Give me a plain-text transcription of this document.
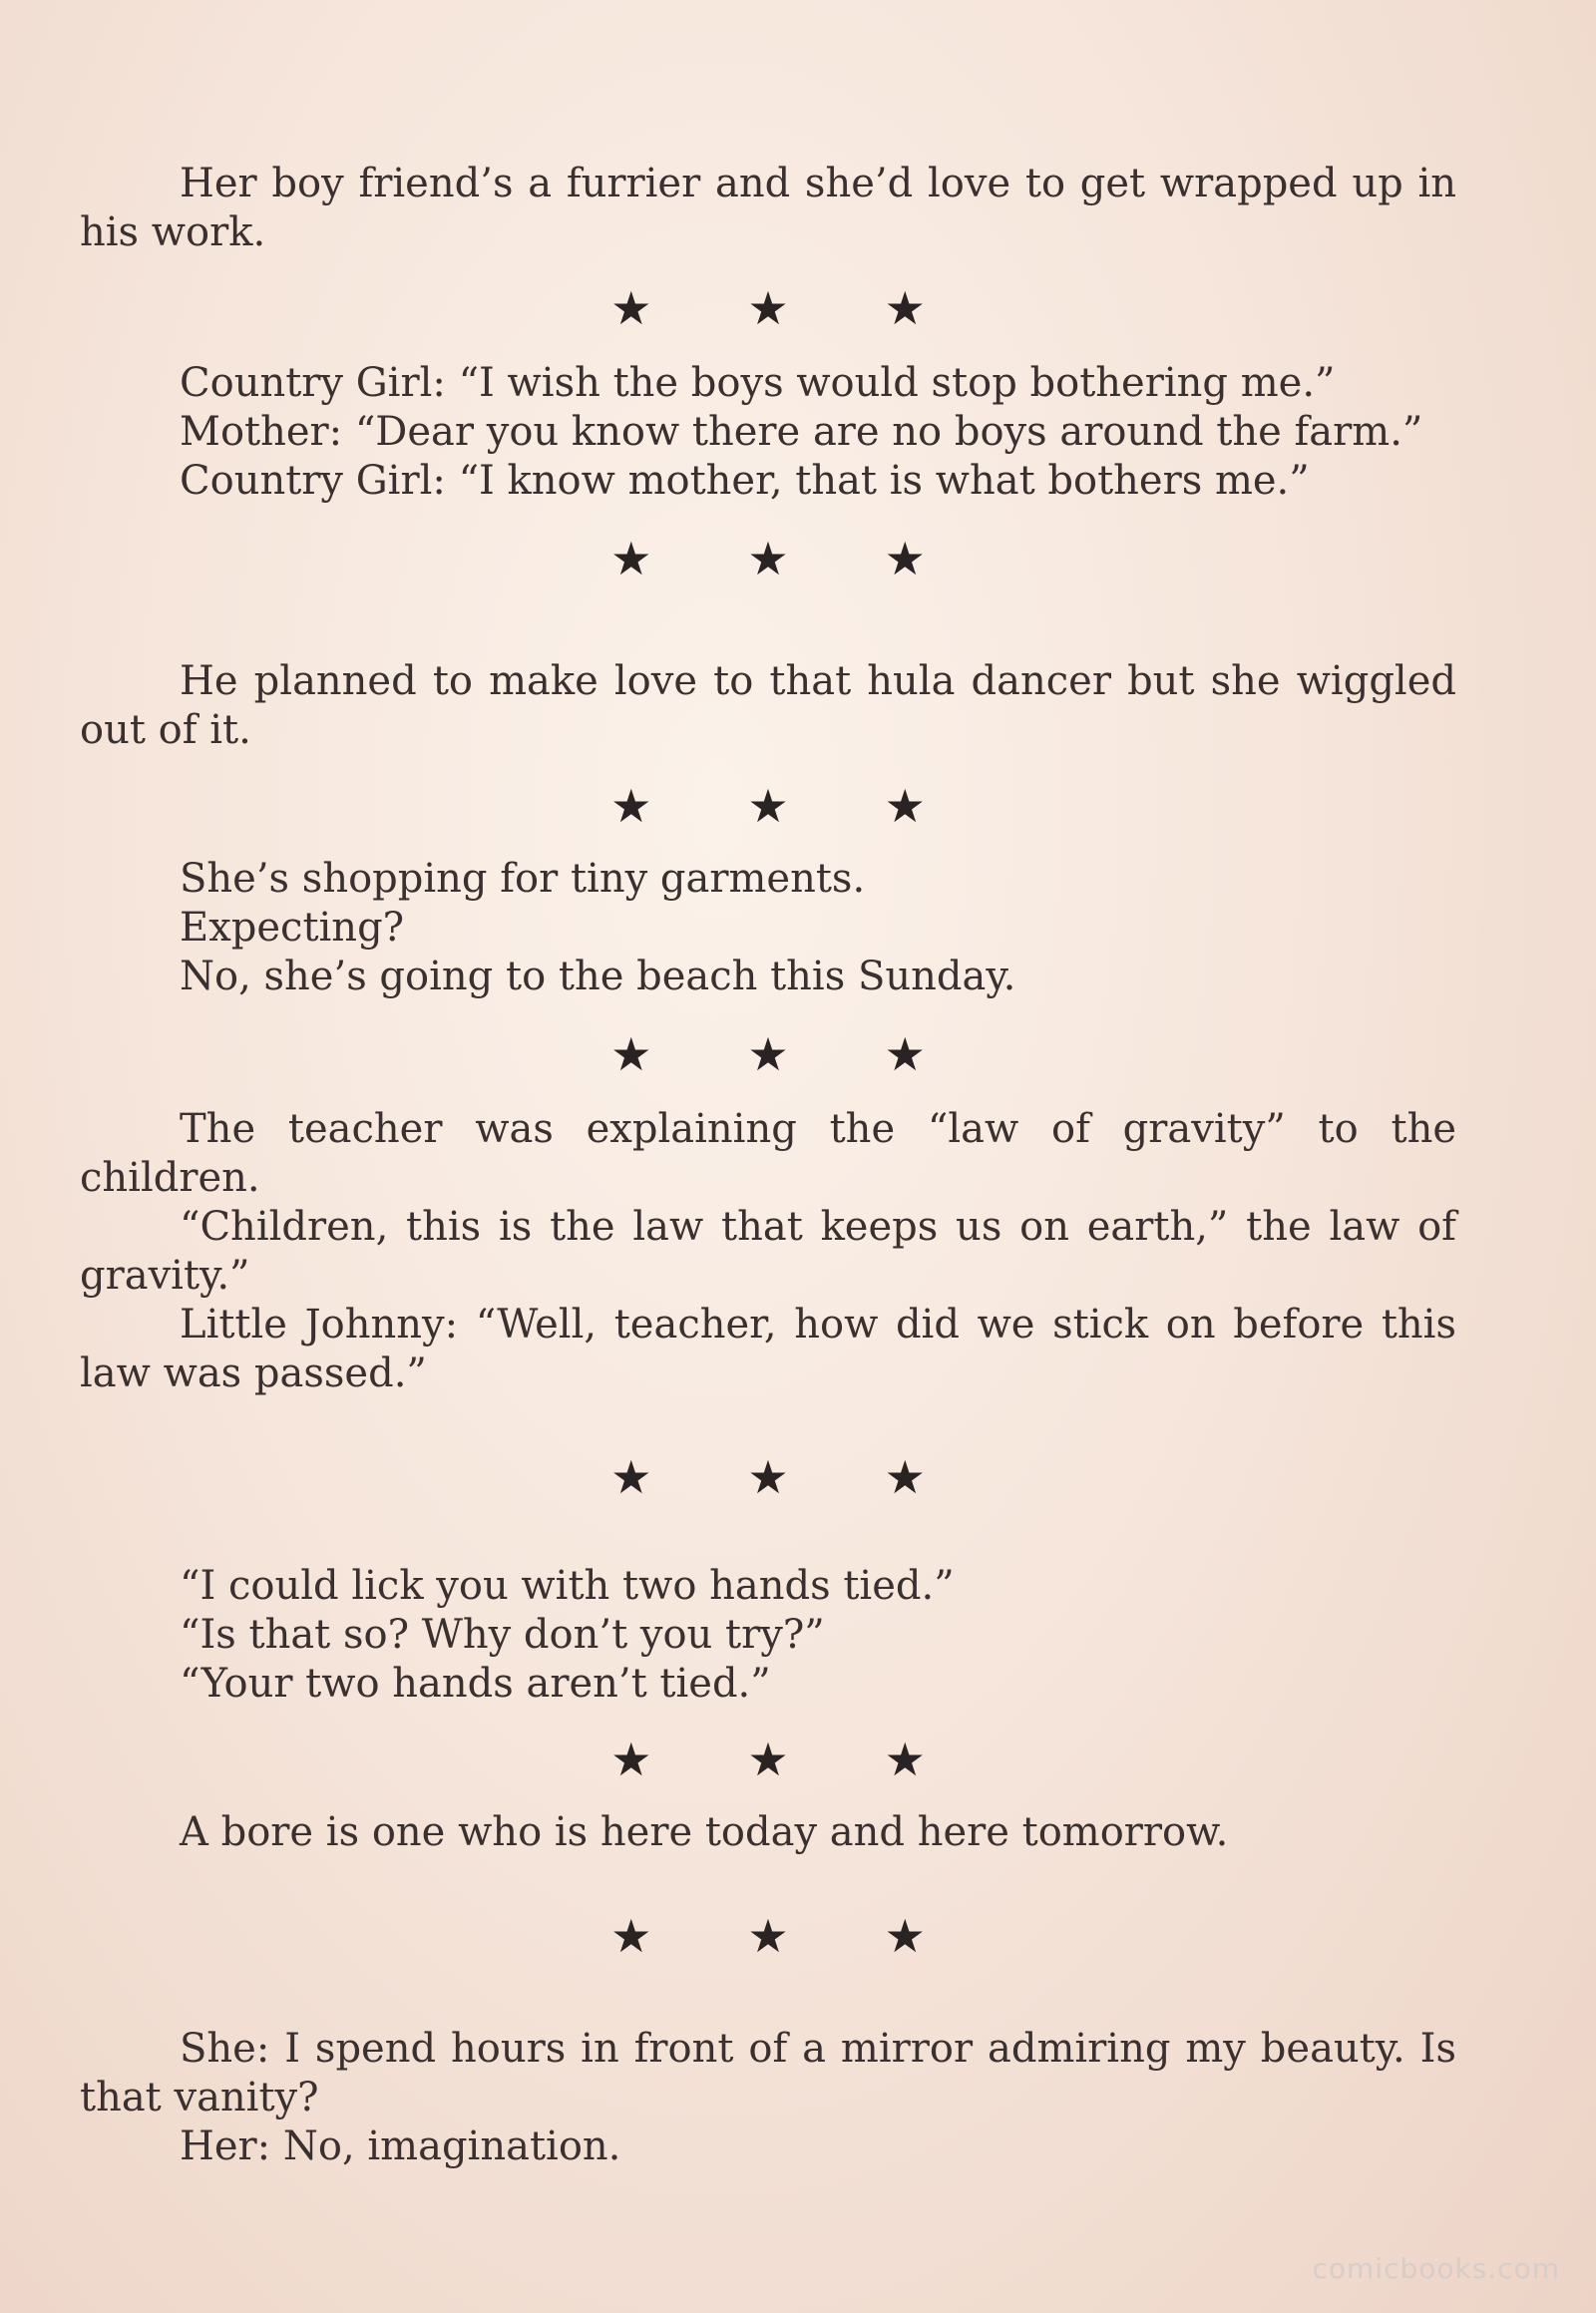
Her boy friend’s a furrier and she’d love to get wrapped up in his work.

★ ★ ★

Country Girl: “I wish the boys would stop bothering me.”

Mother: “Dear you know there are no boys around the farm.”

Country Girl: “I know mother, that is what bothers me.”

★ ★ ★

He planned to make love to that hula dancer but she wiggled out of it.

★ ★ ★

She’s shopping for tiny garments.

Expecting?

No, she’s going to the beach this Sunday.

★ ★ ★

The teacher was explaining the “law of gravity” to the children.

“Children, this is the law that keeps us on earth,” the law of gravity.”

Little Johnny: “Well, teacher, how did we stick on before this law was passed.”

★ ★ ★

“I could lick you with two hands tied.”

“Is that so? Why don’t you try?”

“Your two hands aren’t tied.”

★ ★ ★

A bore is one who is here today and here tomorrow.

★ ★ ★

She: I spend hours in front of a mirror admiring my beauty. Is that vanity?

Her: No, imagination.

comicbooks.com
